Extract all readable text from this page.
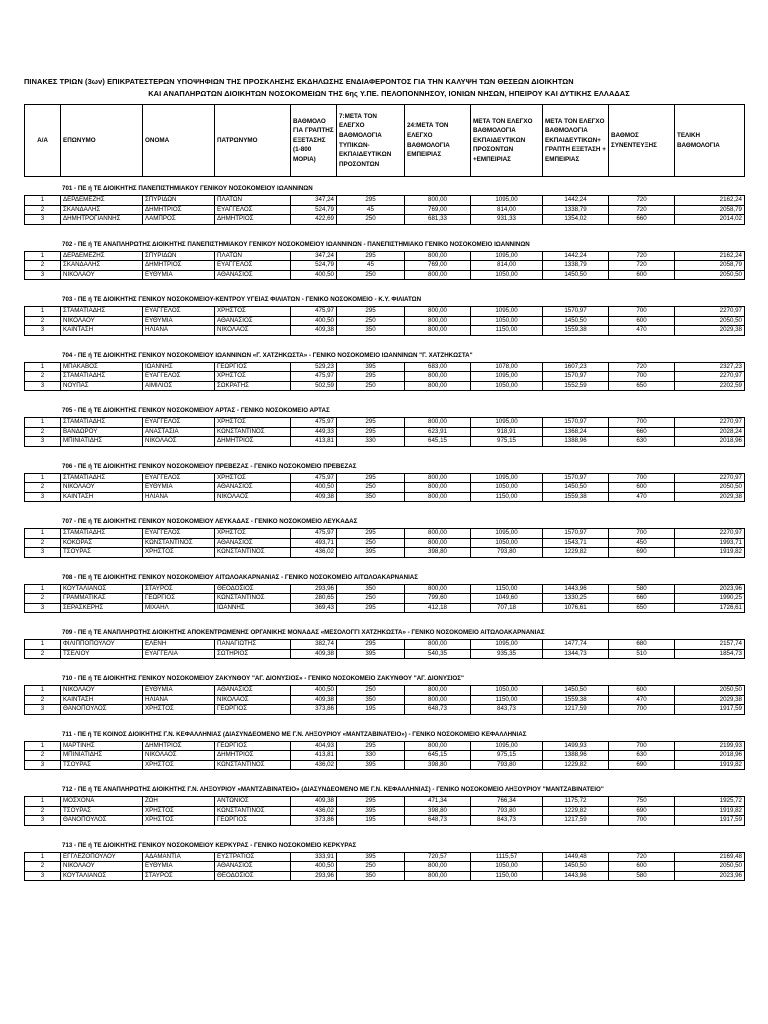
ΠΙΝΑΚΕΣ ΤΡΙΩΝ (3ων) ΕΠΙΚΡΑΤΕΣΤΕΡΩΝ ΥΠΟΨΗΦΙΩΝ ΤΗΣ ΠΡΟΣΚΛΗΣΗΣ ΕΚΔΗΛΩΣΗΣ ΕΝΔΙΑΦΕΡΟΝΤΟΣ ΓΙΑ ΤΗΝ ΚΑΛΥΨΗ ΤΩΝ ΘΕΣΕΩΝ ΔΙΟΙΚΗΤΩΝ
ΚΑΙ ΑΝΑΠΛΗΡΩΤΩΝ ΔΙΟΙΚΗΤΩΝ ΝΟΣΟΚΟΜΕΙΩΝ ΤΗΣ 6ης Υ.ΠΕ. ΠΕΛΟΠΟΝΝΗΣΟΥ, ΙΟΝΙΩΝ ΝΗΣΩΝ, ΗΠΕΙΡΟΥ ΚΑΙ ΔΥΤΙΚΗΣ ΕΛΛΑΔΑΣ
Α/Α	ΕΠΩΝΥΜΟ	ΟΝΟΜΑ	ΠΑΤΡΩΝΥΜΟ	ΒΑΘΜΟΛΟ ΓΙΑ ΓΡΑΠΤΗΣ ΕΞΕΤΑΣΗΣ (1-800 ΜΟΡΙΑ)	7:ΜΕΤΑ ΤΟΝ ΕΛΕΓΧΟ ΒΑΘΜΟΛΟΓΙΑ ΤΥΠΙΚΩΝ-ΕΚΠΑΙΔΕΥΤΙΚΩΝ ΠΡΟΣΟΝΤΩΝ	24:ΜΕΤΑ ΤΟΝ ΕΛΕΓΧΟ ΒΑΘΜΟΛΟΓΙΑ ΕΜΠΕΙΡΙΑΣ	ΜΕΤΑ ΤΟΝ ΕΛΕΓΧΟ ΒΑΘΜΟΛΟΓΙΑ ΕΚΠΑΙΔΕΥΤΙΚΩΝ ΠΡΟΣΟΝΤΩΝ +ΕΜΠΕΙΡΙΑΣ	ΜΕΤΑ ΤΟΝ ΕΛΕΓΧΟ ΒΑΘΜΟΛΟΓΙΑ ΕΚΠΑΙΔΕΥΤΙΚΩΝ+ ΓΡΑΠΤΗ ΕΞΕΤΑΣΗ + ΕΜΠΕΙΡΙΑΣ	ΒΑΘΜΟΣ ΣΥΝΕΝΤΕΥΞΗΣ	ΤΕΛΙΚΗ ΒΑΘΜΟΛΟΓΙΑ
701 - ΠΕ ή ΤΕ ΔΙΟΙΚΗΤΗΣ ΠΑΝΕΠΙΣΤΗΜΙΑΚΟΥ ΓΕΝΙΚΟΥ ΝΟΣΟΚΟΜΕΙΟΥ ΙΩΑΝΝΙΝΩΝ
1	ΔΕΡΔΕΜΕΖΗΣ	ΣΠΥΡΙΔΩΝ	ΠΛΑΤΩΝ	347,24	295	800,00	1095,00	1442,24	720	2162,24
2	ΣΚΑΝΔΑΛΗΣ	ΔΗΜΗΤΡΙΟΣ	ΕΥΑΓΓΕΛΟΣ	524,79	45	769,00	814,00	1338,79	720	2058,79
3	ΔΗΜΗΤΡΟΓΙΑΝΝΗΣ	ΛΑΜΠΡΟΣ	ΔΗΜΗΤΡΙΟΣ	422,69	250	681,33	931,33	1354,02	660	2014,02
702 - ΠΕ ή ΤΕ ΑΝΑΠΛΗΡΩΤΗΣ ΔΙΟΙΚΗΤΗΣ ΠΑΝΕΠΙΣΤΗΜΙΑΚΟΥ ΓΕΝΙΚΟΥ ΝΟΣΟΚΟΜΕΙΟΥ ΙΩΑΝΝΙΝΩΝ - ΠΑΝΕΠΙΣΤΗΜΙΑΚΟ ΓΕΝΙΚΟ ΝΟΣΟΚΟΜΕΙΟ ΙΩΑΝΝΙΝΩΝ
1	ΔΕΡΔΕΜΕΖΗΣ	ΣΠΥΡΙΔΩΝ	ΠΛΑΤΩΝ	347,24	295	800,00	1095,00	1442,24	720	2162,24
2	ΣΚΑΝΔΑΛΗΣ	ΔΗΜΗΤΡΙΟΣ	ΕΥΑΓΓΕΛΟΣ	524,79	45	769,00	814,00	1338,79	720	2058,79
3	ΝΙΚΟΛΑΟΥ	ΕΥΘΥΜΙΑ	ΑΘΑΝΑΣΙΟΣ	400,50	250	800,00	1050,00	1450,50	600	2050,50
703 - ΠΕ ή ΤΕ ΔΙΟΙΚΗΤΗΣ ΓΕΝΙΚΟΥ ΝΟΣΟΚΟΜΕΙΟΥ-ΚΕΝΤΡΟΥ ΥΓΕΙΑΣ ΦΙΛΙΑΤΩΝ - ΓΕΝΙΚΟ ΝΟΣΟΚΟΜΕΙΟ - Κ.Υ. ΦΙΛΙΑΤΩΝ
1	ΣΤΑΜΑΤΙΑΔΗΣ	ΕΥΑΓΓΕΛΟΣ	ΧΡΗΣΤΟΣ	475,97	295	800,00	1095,00	1570,97	700	2270,97
2	ΝΙΚΟΛΑΟΥ	ΕΥΘΥΜΙΑ	ΑΘΑΝΑΣΙΟΣ	400,50	250	800,00	1050,00	1450,50	600	2050,50
3	ΚΑΙΝΤΑΣΗ	ΗΛΙΑΝΑ	ΝΙΚΟΛΑΟΣ	409,38	350	800,00	1150,00	1559,38	470	2029,38
704 - ΠΕ ή ΤΕ ΔΙΟΙΚΗΤΗΣ ΓΕΝΙΚΟΥ ΝΟΣΟΚΟΜΕΙΟΥ ΙΩΑΝΝΙΝΩΝ «Γ. ΧΑΤΖΗΚΩΣΤΑ» - ΓΕΝΙΚΟ ΝΟΣΟΚΟΜΕΙΟ ΙΩΑΝΝΙΝΩΝ "Γ. ΧΑΤΖΗΚΩΣΤΑ"
1	ΜΠΑΚΑΒΟΣ	ΙΩΑΝΝΗΣ	ΓΕΩΡΓΙΟΣ	529,23	395	683,00	1078,00	1607,23	720	2327,23
2	ΣΤΑΜΑΤΙΑΔΗΣ	ΕΥΑΓΓΕΛΟΣ	ΧΡΗΣΤΟΣ	475,97	295	800,00	1095,00	1570,97	700	2270,97
3	ΝΟΥΠΑΣ	ΑΙΜΙΛΙΟΣ	ΣΩΚΡΑΤΗΣ	502,59	250	800,00	1050,00	1552,59	650	2202,59
705 - ΠΕ ή ΤΕ ΔΙΟΙΚΗΤΗΣ ΓΕΝΙΚΟΥ ΝΟΣΟΚΟΜΕΙΟΥ ΑΡΤΑΣ - ΓΕΝΙΚΟ ΝΟΣΟΚΟΜΕΙΟ ΑΡΤΑΣ
1	ΣΤΑΜΑΤΙΑΔΗΣ	ΕΥΑΓΓΕΛΟΣ	ΧΡΗΣΤΟΣ	475,97	295	800,00	1095,00	1570,97	700	2270,97
2	ΒΑΝΔΩΡΟΥ	ΑΝΑΣΤΑΣΙΑ	ΚΩΝΣΤΑΝΤΙΝΟΣ	449,33	295	623,91	918,91	1368,24	660	2028,24
3	ΜΠΙΝΙΑΤΙΔΗΣ	ΝΙΚΟΛΑΟΣ	ΔΗΜΗΤΡΙΟΣ	413,81	330	645,15	975,15	1388,96	630	2018,96
706 - ΠΕ ή ΤΕ ΔΙΟΙΚΗΤΗΣ ΓΕΝΙΚΟΥ ΝΟΣΟΚΟΜΕΙΟΥ ΠΡΕΒΕΖΑΣ - ΓΕΝΙΚΟ ΝΟΣΟΚΟΜΕΙΟ ΠΡΕΒΕΖΑΣ
1	ΣΤΑΜΑΤΙΑΔΗΣ	ΕΥΑΓΓΕΛΟΣ	ΧΡΗΣΤΟΣ	475,97	295	800,00	1095,00	1570,97	700	2270,97
2	ΝΙΚΟΛΑΟΥ	ΕΥΘΥΜΙΑ	ΑΘΑΝΑΣΙΟΣ	400,50	250	800,00	1050,00	1450,50	600	2050,50
3	ΚΑΙΝΤΑΣΗ	ΗΛΙΑΝΑ	ΝΙΚΟΛΑΟΣ	409,38	350	800,00	1150,00	1559,38	470	2029,38
707 - ΠΕ ή ΤΕ ΔΙΟΙΚΗΤΗΣ ΓΕΝΙΚΟΥ ΝΟΣΟΚΟΜΕΙΟΥ ΛΕΥΚΑΔΑΣ - ΓΕΝΙΚΟ ΝΟΣΟΚΟΜΕΙΟ ΛΕΥΚΑΔΑΣ
1	ΣΤΑΜΑΤΙΑΔΗΣ	ΕΥΑΓΓΕΛΟΣ	ΧΡΗΣΤΟΣ	475,97	295	800,00	1095,00	1570,97	700	2270,97
2	ΚΟΚΟΡΑΣ	ΚΩΝΣΤΑΝΤΙΝΟΣ	ΑΘΑΝΑΣΙΟΣ	493,71	250	800,00	1050,00	1543,71	450	1993,71
3	ΤΣΟΥΡΑΣ	ΧΡΗΣΤΟΣ	ΚΩΝΣΤΑΝΤΙΝΟΣ	436,02	395	398,80	793,80	1229,82	690	1919,82
708 - ΠΕ ή ΤΕ ΔΙΟΙΚΗΤΗΣ ΓΕΝΙΚΟΥ ΝΟΣΟΚΟΜΕΙΟΥ ΑΙΤΩΛΟΑΚΑΡΝΑΝΙΑΣ - ΓΕΝΙΚΟ ΝΟΣΟΚΟΜΕΙΟ ΑΙΤΩΛΟΑΚΑΡΝΑΝΙΑΣ
1	ΚΟΥΤΑΛΙΑΝΟΣ	ΣΤΑΥΡΟΣ	ΘΕΟΔΟΣΙΟΣ	293,96	350	800,00	1150,00	1443,96	580	2023,96
2	ΓΡΑΜΜΑΤΙΚΑΣ	ΓΕΩΡΓΙΟΣ	ΚΩΝΣΤΑΝΤΙΝΟΣ	280,65	250	799,60	1049,60	1330,25	660	1990,25
3	ΣΕΡΑΣΚΕΡΗΣ	ΜΙΧΑΗΛ	ΙΩΑΝΝΗΣ	369,43	295	412,18	707,18	1076,61	650	1726,61
709 - ΠΕ ή ΤΕ ΑΝΑΠΛΗΡΩΤΗΣ ΔΙΟΙΚΗΤΗΣ ΑΠΟΚΕΝΤΡΩΜΕΝΗΣ ΟΡΓΑΝΙΚΗΣ ΜΟΝΑΔΑΣ «ΜΕΣΟΛΟΓΓΙ ΧΑΤΖΗΚΩΣΤΑ» - ΓΕΝΙΚΟ ΝΟΣΟΚΟΜΕΙΟ ΑΙΤΩΛΟΑΚΑΡΝΑΝΙΑΣ
1	ΦΙΛΙΠΠΟΠΟΥΛΟΥ	ΕΛΕΝΗ	ΠΑΝΑΓΙΩΤΗΣ	382,74	295	800,00	1095,00	1477,74	680	2157,74
2	ΤΣΕΛΙΟΥ	ΕΥΑΓΓΕΛΙΑ	ΣΩΤΗΡΙΟΣ	409,38	395	540,35	935,35	1344,73	510	1854,73
710 - ΠΕ ή ΤΕ ΔΙΟΙΚΗΤΗΣ ΓΕΝΙΚΟΥ ΝΟΣΟΚΟΜΕΙΟΥ ΖΑΚΥΝΘΟΥ "ΑΓ. ΔΙΟΝΥΣΙΟΣ» - ΓΕΝΙΚΟ ΝΟΣΟΚΟΜΕΙΟ ΖΑΚΥΝΘΟΥ "ΑΓ. ΔΙΟΝΥΣΙΟΣ"
1	ΝΙΚΟΛΑΟΥ	ΕΥΘΥΜΙΑ	ΑΘΑΝΑΣΙΟΣ	400,50	250	800,00	1050,00	1450,50	600	2050,50
2	ΚΑΙΝΤΑΣΗ	ΗΛΙΑΝΑ	ΝΙΚΟΛΑΟΣ	409,38	350	800,00	1150,00	1559,38	470	2029,38
3	ΘΑΝΟΠΟΥΛΟΣ	ΧΡΗΣΤΟΣ	ΓΕΩΡΓΙΟΣ	373,86	195	648,73	843,73	1217,59	700	1917,59
711 - ΠΕ ή ΤΕ ΚΟΙΝΟΣ ΔΙΟΙΚΗΤΗΣ Γ.Ν. ΚΕΦΑΛΛΗΝΙΑΣ (ΔΙΑΣΥΝΔΕΟΜΕΝΟ ΜΕ Γ.Ν. ΛΗΞΟΥΡΙΟΥ «ΜΑΝΤΖΑΒΙΝΑΤΕΙΟ») - ΓΕΝΙΚΟ ΝΟΣΟΚΟΜΕΙΟ ΚΕΦΑΛΛΗΝΙΑΣ
1	ΜΑΡΤΙΝΗΣ	ΔΗΜΗΤΡΙΟΣ	ΓΕΩΡΓΙΟΣ	404,93	295	800,00	1095,00	1499,93	700	2199,93
2	ΜΠΙΝΙΑΤΙΔΗΣ	ΝΙΚΟΛΑΟΣ	ΔΗΜΗΤΡΙΟΣ	413,81	330	645,15	975,15	1388,96	630	2018,96
3	ΤΣΟΥΡΑΣ	ΧΡΗΣΤΟΣ	ΚΩΝΣΤΑΝΤΙΝΟΣ	436,02	395	398,80	793,80	1229,82	690	1919,82
712 - ΠΕ ή ΤΕ ΑΝΑΠΛΗΡΩΤΗΣ ΔΙΟΙΚΗΤΗΣ Γ.Ν. ΛΗΞΟΥΡΙΟΥ «ΜΑΝΤΖΑΒΙΝΑΤΕΙΟ» (ΔΙΑΣΥΝΔΕΟΜΕΝΟ ΜΕ Γ.Ν. ΚΕΦΑΛΛΗΝΙΑΣ) - ΓΕΝΙΚΟ ΝΟΣΟΚΟΜΕΙΟ ΛΗΞΟΥΡΙΟΥ "ΜΑΝΤΖΑΒΙΝΑΤΕΙΟ"
1	ΜΟΣΧΟΝΑ	ΖΩΗ	ΑΝΤΩΝΙΟΣ	409,38	295	471,34	766,34	1175,72	750	1925,72
2	ΤΣΟΥΡΑΣ	ΧΡΗΣΤΟΣ	ΚΩΝΣΤΑΝΤΙΝΟΣ	436,02	395	398,80	793,80	1229,82	690	1919,82
3	ΘΑΝΟΠΟΥΛΟΣ	ΧΡΗΣΤΟΣ	ΓΕΩΡΓΙΟΣ	373,86	195	648,73	843,73	1217,59	700	1917,59
713 - ΠΕ ή ΤΕ ΔΙΟΙΚΗΤΗΣ ΓΕΝΙΚΟΥ ΝΟΣΟΚΟΜΕΙΟΥ ΚΕΡΚΥΡΑΣ - ΓΕΝΙΚΟ ΝΟΣΟΚΟΜΕΙΟ ΚΕΡΚΥΡΑΣ
1	ΕΓΓΛΕΖΟΠΟΥΛΟΥ	ΑΔΑΜΑΝΤΙΑ	ΕΥΣΤΡΑΤΙΟΣ	333,91	395	720,57	1115,57	1449,48	720	2169,48
2	ΝΙΚΟΛΑΟΥ	ΕΥΘΥΜΙΑ	ΑΘΑΝΑΣΙΟΣ	400,50	250	800,00	1050,00	1450,50	600	2050,50
3	ΚΟΥΤΑΛΙΑΝΟΣ	ΣΤΑΥΡΟΣ	ΘΕΟΔΟΣΙΟΣ	293,96	350	800,00	1150,00	1443,96	580	2023,96
